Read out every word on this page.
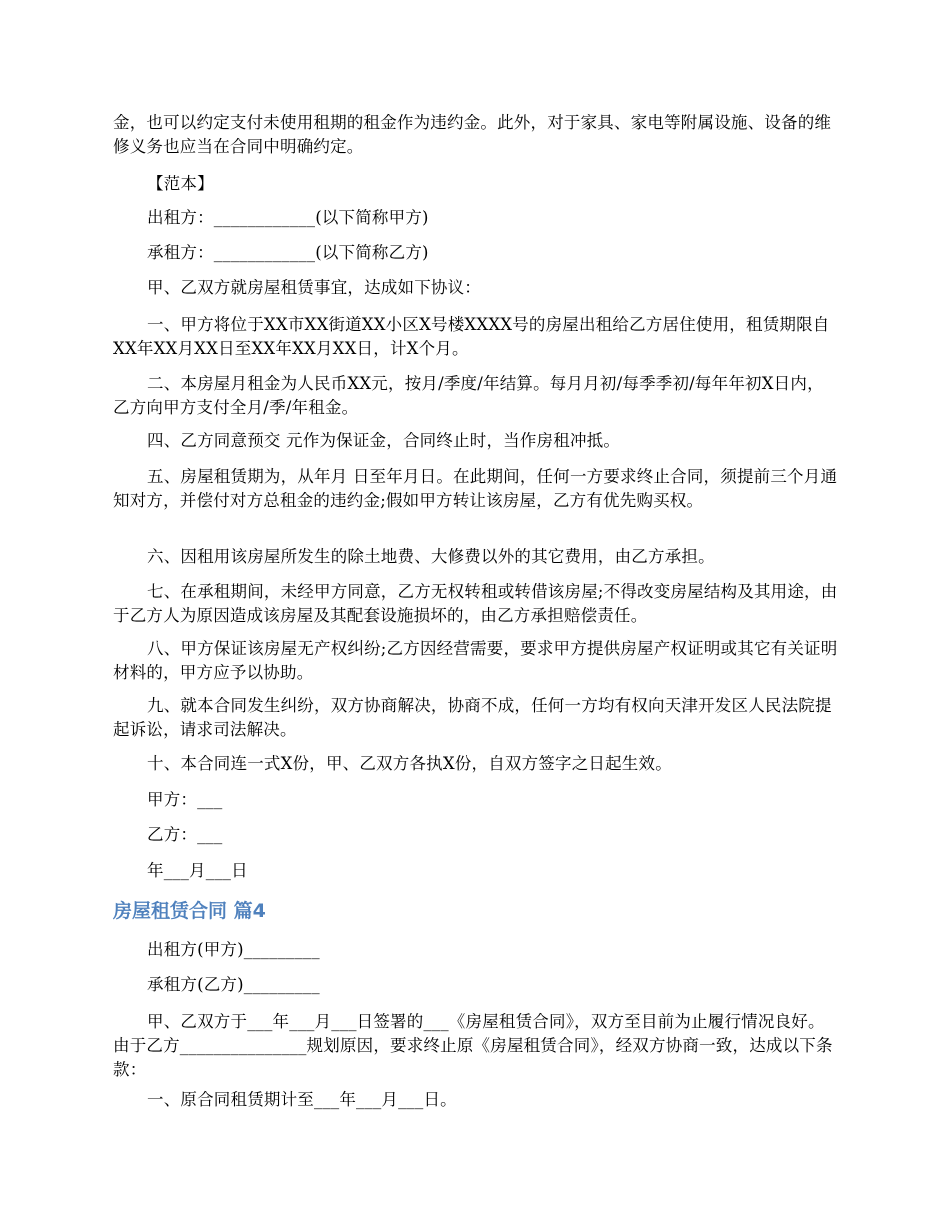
金，也可以约定支付未使用租期的租金作为违约金。此外，对于家具、家电等附属设施、设备的维修义务也应当在合同中明确约定。

【范本】

出租方：____________(以下简称甲方)

承租方：____________(以下简称乙方)

甲、乙双方就房屋租赁事宜，达成如下协议：

一、甲方将位于XX市XX街道XX小区X号楼XXXX号的房屋出租给乙方居住使用，租赁期限自XX年XX月XX日至XX年XX月XX日，计X个月。

二、本房屋月租金为人民币XX元，按月/季度/年结算。每月月初/每季季初/每年年初X日内，乙方向甲方支付全月/季/年租金。

四、乙方同意预交 元作为保证金，合同终止时，当作房租冲抵。

五、房屋租赁期为，从年月 日至年月日。在此期间，任何一方要求终止合同，须提前三个月通知对方，并偿付对方总租金的违约金;假如甲方转让该房屋，乙方有优先购买权。

六、因租用该房屋所发生的除土地费、大修费以外的其它费用，由乙方承担。

七、在承租期间，未经甲方同意，乙方无权转租或转借该房屋;不得改变房屋结构及其用途，由于乙方人为原因造成该房屋及其配套设施损坏的，由乙方承担赔偿责任。

八、甲方保证该房屋无产权纠纷;乙方因经营需要，要求甲方提供房屋产权证明或其它有关证明材料的，甲方应予以协助。

九、就本合同发生纠纷，双方协商解决，协商不成，任何一方均有权向天津开发区人民法院提起诉讼，请求司法解决。

十、本合同连一式X份，甲、乙双方各执X份，自双方签字之日起生效。

甲方：___

乙方：___

年___月___日

房屋租赁合同 篇4

出租方(甲方)_________

承租方(乙方)_________

甲、乙双方于___年___月___日签署的___《房屋租赁合同》，双方至目前为止履行情况良好。由于乙方_______________规划原因，要求终止原《房屋租赁合同》，经双方协商一致，达成以下条款：

一、原合同租赁期计至___年___月___日。
